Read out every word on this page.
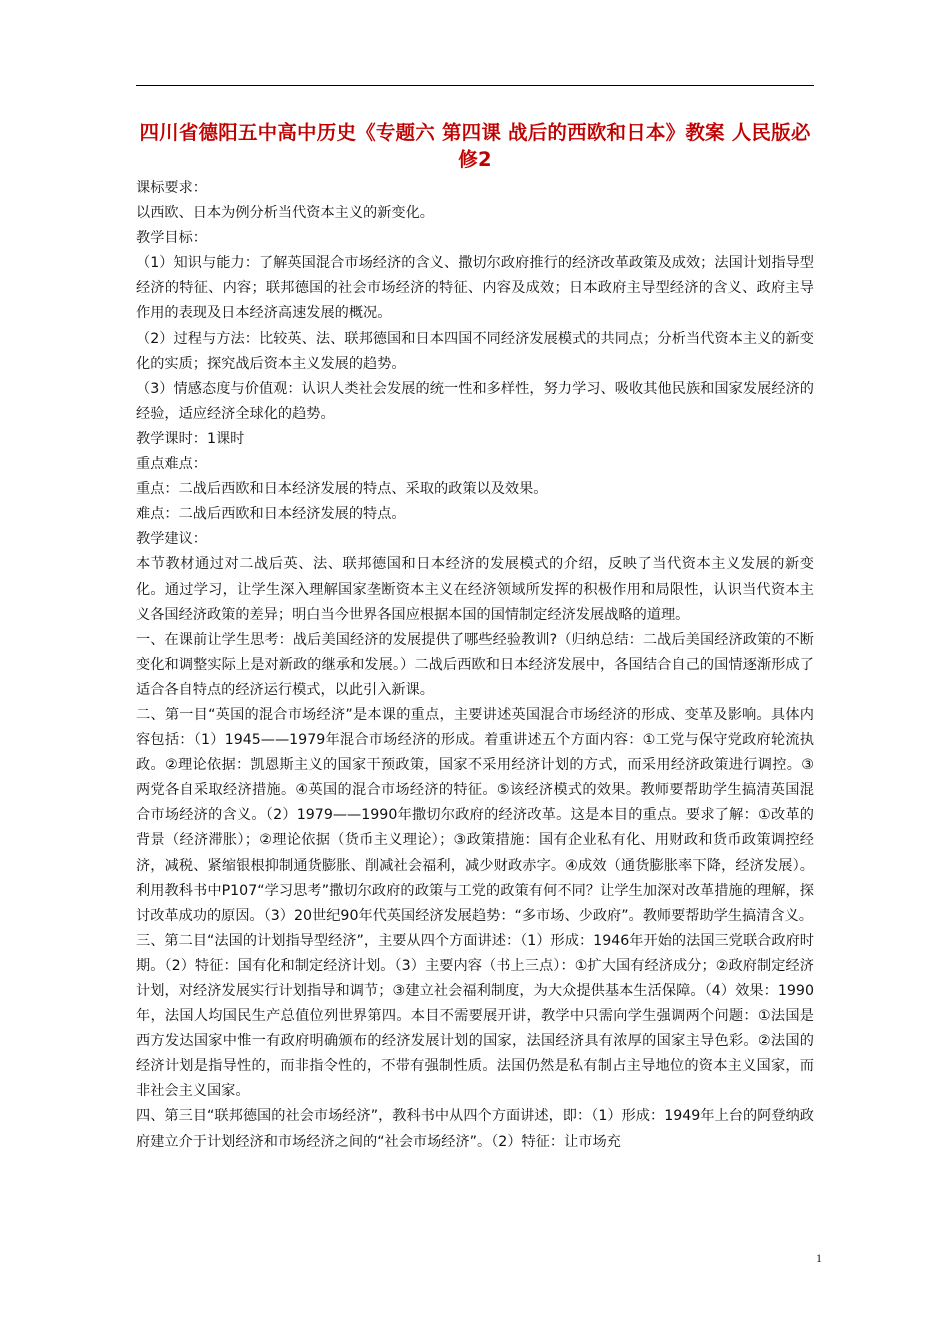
四川省德阳五中高中历史《专题六 第四课 战后的西欧和日本》教案 人民版必修2

课标要求：

以西欧、日本为例分析当代资本主义的新变化。

教学目标：

（1）知识与能力：了解英国混合市场经济的含义、撒切尔政府推行的经济改革政策及成效；法国计划指导型经济的特征、内容；联邦德国的社会市场经济的特征、内容及成效；日本政府主导型经济的含义、政府主导作用的表现及日本经济高速发展的概况。

（2）过程与方法：比较英、法、联邦德国和日本四国不同经济发展模式的共同点；分析当代资本主义的新变化的实质；探究战后资本主义发展的趋势。

（3）情感态度与价值观：认识人类社会发展的统一性和多样性，努力学习、吸收其他民族和国家发展经济的经验，适应经济全球化的趋势。

教学课时：1课时

重点难点：

重点：二战后西欧和日本经济发展的特点、采取的政策以及效果。

难点：二战后西欧和日本经济发展的特点。

教学建议：

本节教材通过对二战后英、法、联邦德国和日本经济的发展模式的介绍，反映了当代资本主义发展的新变化。通过学习，让学生深入理解国家垄断资本主义在经济领域所发挥的积极作用和局限性，认识当代资本主义各国经济政策的差异；明白当今世界各国应根据本国的国情制定经济发展战略的道理。

一、在课前让学生思考：战后美国经济的发展提供了哪些经验教训?（归纳总结：二战后美国经济政策的不断变化和调整实际上是对新政的继承和发展。）二战后西欧和日本经济发展中，各国结合自己的国情逐渐形成了适合各自特点的经济运行模式，以此引入新课。

二、第一目“英国的混合市场经济”是本课的重点，主要讲述英国混合市场经济的形成、变革及影响。具体内容包括：（1）1945——1979年混合市场经济的形成。着重讲述五个方面内容：①工党与保守党政府轮流执政。②理论依据：凯恩斯主义的国家干预政策，国家不采用经济计划的方式，而采用经济政策进行调控。③两党各自采取经济措施。④英国的混合市场经济的特征。⑤该经济模式的效果。教师要帮助学生搞清英国混合市场经济的含义。（2）1979——1990年撒切尔政府的经济改革。这是本目的重点。要求了解：①改革的背景（经济滞胀）；②理论依据（货币主义理论）；③政策措施：国有企业私有化、用财政和货币政策调控经济，减税、紧缩银根抑制通货膨胀、削减社会福利，减少财政赤字。④成效（通货膨胀率下降，经济发展）。利用教科书中P107“学习思考”撒切尔政府的政策与工党的政策有何不同？让学生加深对改革措施的理解，探讨改革成功的原因。（3）20世纪90年代英国经济发展趋势：“多市场、少政府”。教师要帮助学生搞清含义。

三、第二目“法国的计划指导型经济”，主要从四个方面讲述：（1）形成：1946年开始的法国三党联合政府时期。（2）特征：国有化和制定经济计划。（3）主要内容（书上三点）：①扩大国有经济成分；②政府制定经济计划，对经济发展实行计划指导和调节；③建立社会福利制度，为大众提供基本生活保障。（4）效果：1990年，法国人均国民生产总值位列世界第四。本目不需要展开讲，教学中只需向学生强调两个问题：①法国是西方发达国家中惟一有政府明确颁布的经济发展计划的国家，法国经济具有浓厚的国家主导色彩。②法国的经济计划是指导性的，而非指令性的，不带有强制性质。法国仍然是私有制占主导地位的资本主义国家，而非社会主义国家。

四、第三目“联邦德国的社会市场经济”，教科书中从四个方面讲述，即：（1）形成：1949年上台的阿登纳政府建立介于计划经济和市场经济之间的“社会市场经济”。（2）特征：让市场充

1
